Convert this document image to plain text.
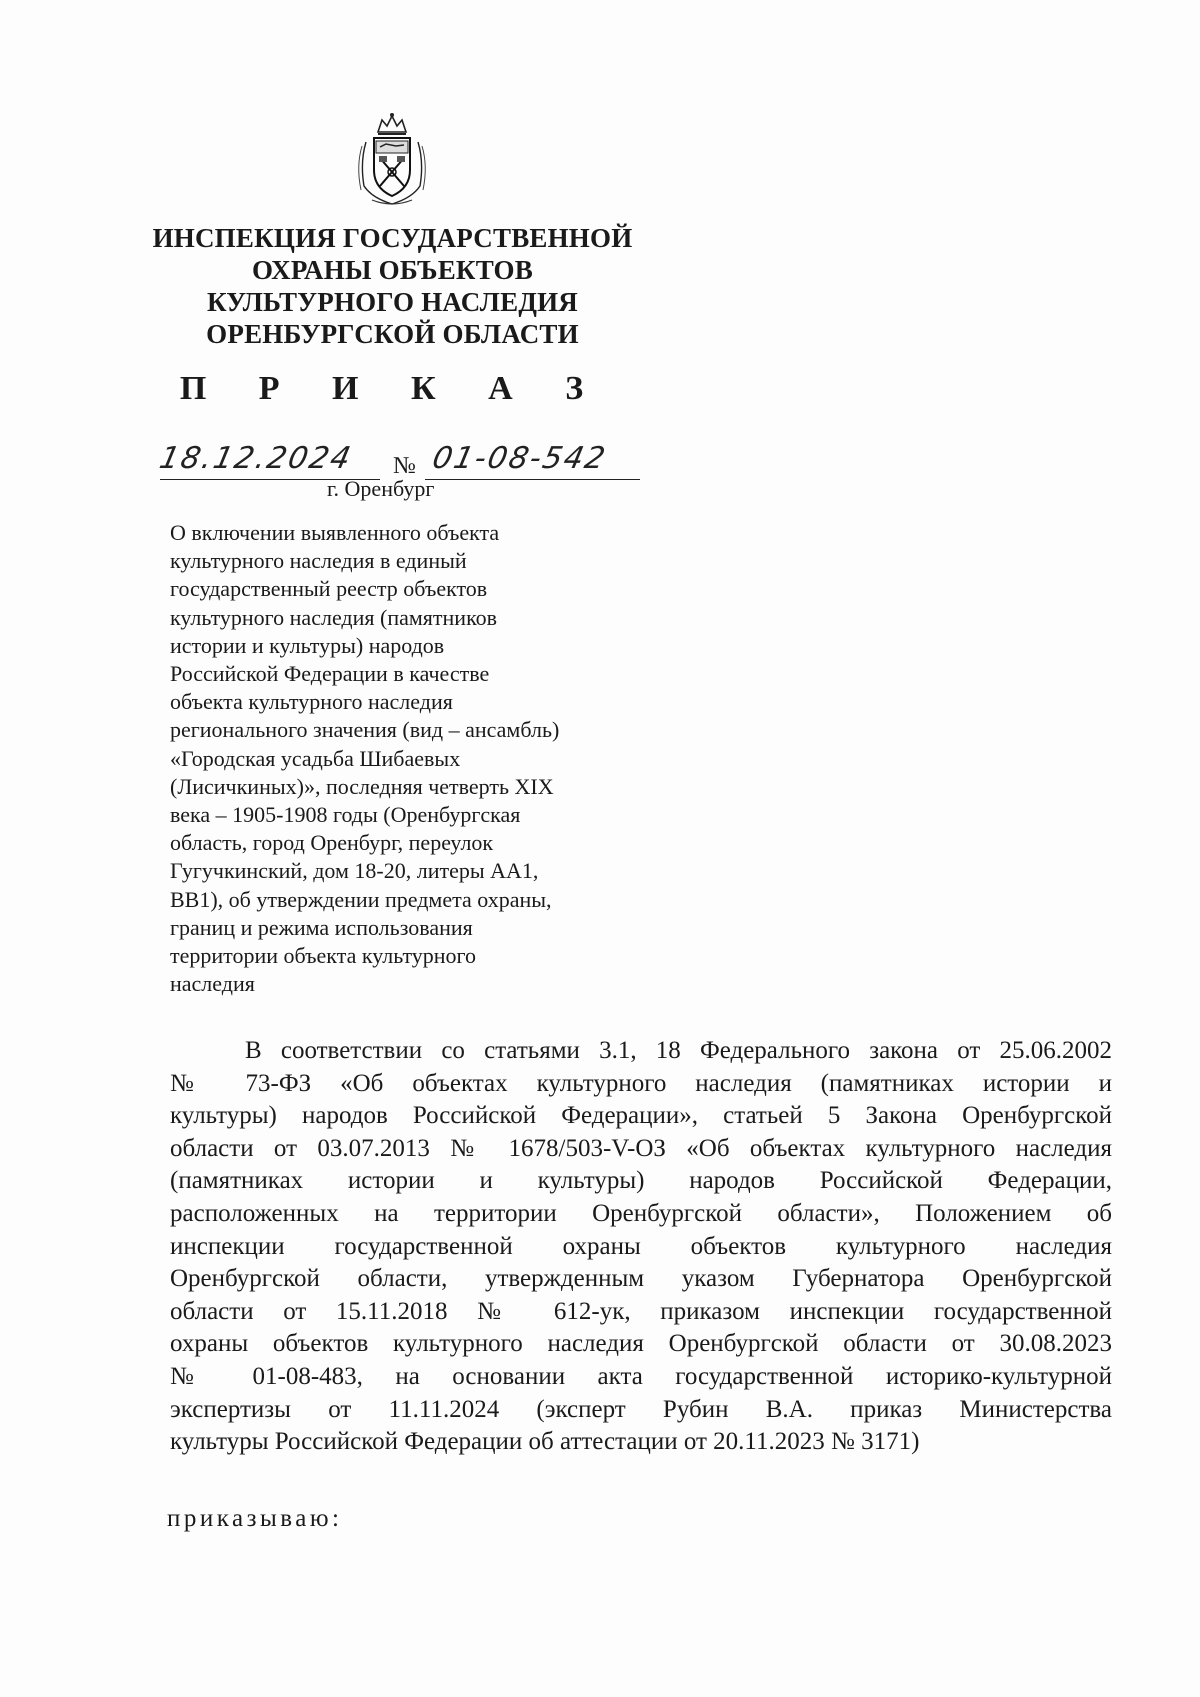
ИНСПЕКЦИЯ ГОСУДАРСТВЕННОЙ
ОХРАНЫ ОБЪЕКТОВ
КУЛЬТУРНОГО НАСЛЕДИЯ
ОРЕНБУРГСКОЙ ОБЛАСТИ
П Р И К А З
18.12.2024 № 01-08-542
г. Оренбург
О включении выявленного объекта
культурного наследия в единый
государственный реестр объектов
культурного наследия (памятников
истории и культуры) народов
Российской Федерации в качестве
объекта культурного наследия
регионального значения (вид – ансамбль)
«Городская усадьба Шибаевых
(Лисичкиных)», последняя четверть XIX
века – 1905-1908 годы (Оренбургская
область, город Оренбург, переулок
Гугучкинский, дом 18-20, литеры АА1,
ВВ1), об утверждении предмета охраны,
границ и режима использования
территории объекта культурного
наследия
В соответствии со статьями 3.1, 18 Федерального закона от 25.06.2002
№ 73-ФЗ «Об объектах культурного наследия (памятниках истории и
культуры) народов Российской Федерации», статьей 5 Закона Оренбургской
области от 03.07.2013 № 1678/503-V-ОЗ «Об объектах культурного наследия
(памятниках истории и культуры) народов Российской Федерации,
расположенных на территории Оренбургской области», Положением об
инспекции государственной охраны объектов культурного наследия
Оренбургской области, утвержденным указом Губернатора Оренбургской
области от 15.11.2018 № 612-ук, приказом инспекции государственной
охраны объектов культурного наследия Оренбургской области от 30.08.2023
№ 01-08-483, на основании акта государственной историко-культурной
экспертизы от 11.11.2024 (эксперт Рубин В.А. приказ Министерства
культуры Российской Федерации об аттестации от 20.11.2023 № 3171)
приказываю:
